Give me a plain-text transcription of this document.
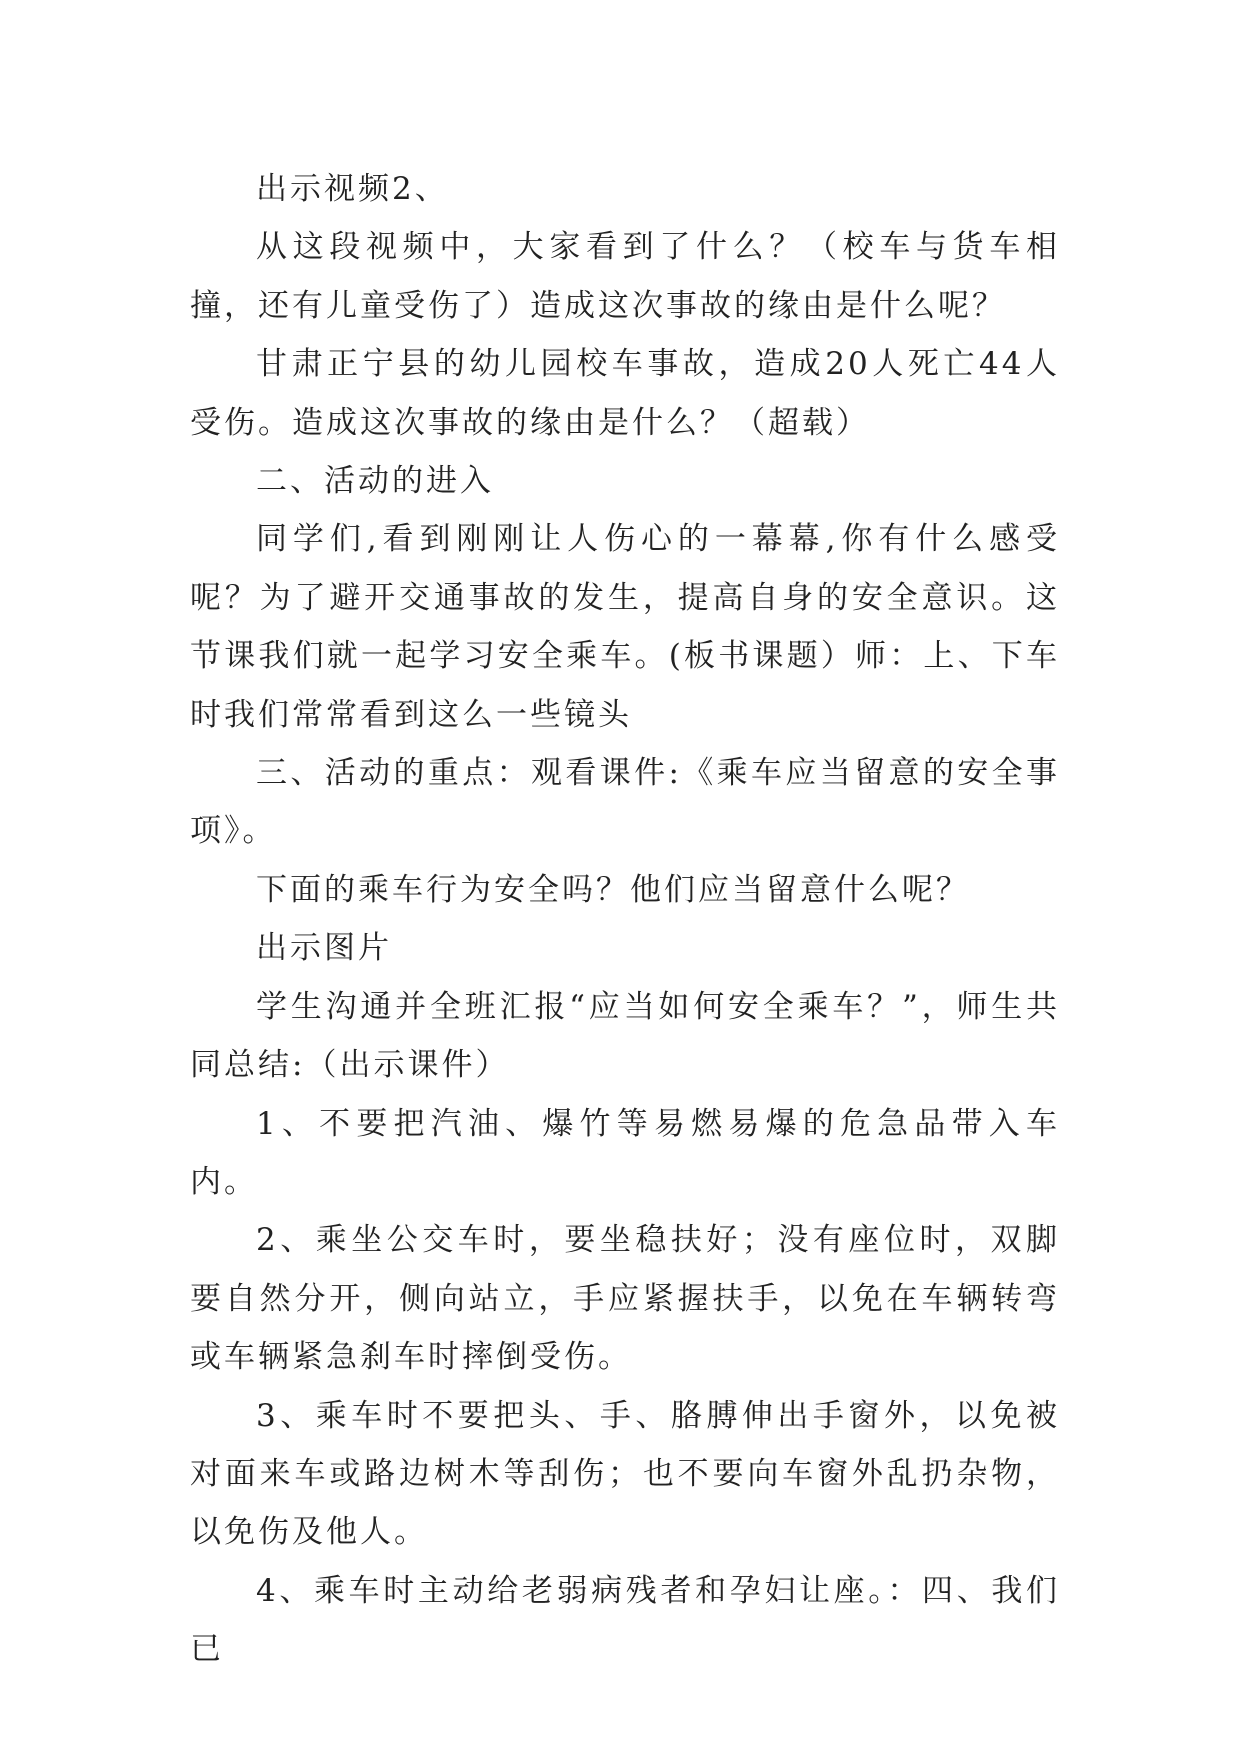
出示视频2、

从这段视频中，大家看到了什么？（校车与货车相撞，还有儿童受伤了）造成这次事故的缘由是什么呢？

甘肃正宁县的幼儿园校车事故，造成20人死亡44人受伤。造成这次事故的缘由是什么？（超载）

二、活动的进入

同学们,看到刚刚让人伤心的一幕幕,你有什么感受呢？为了避开交通事故的发生，提高自身的安全意识。这节课我们就一起学习安全乘车。(板书课题）师：上、下车时我们常常看到这么一些镜头

三、活动的重点：观看课件:《乘车应当留意的安全事项》。

下面的乘车行为安全吗？他们应当留意什么呢？

出示图片

学生沟通并全班汇报“应当如何安全乘车？”，师生共同总结:（出示课件）

1、不要把汽油、爆竹等易燃易爆的危急品带入车内。

2、乘坐公交车时，要坐稳扶好；没有座位时，双脚要自然分开，侧向站立，手应紧握扶手，以免在车辆转弯或车辆紧急刹车时摔倒受伤。

3、乘车时不要把头、手、胳膊伸出手窗外，以免被对面来车或路边树木等刮伤；也不要向车窗外乱扔杂物，以免伤及他人。

4、乘车时主动给老弱病残者和孕妇让座。：四、我们已
